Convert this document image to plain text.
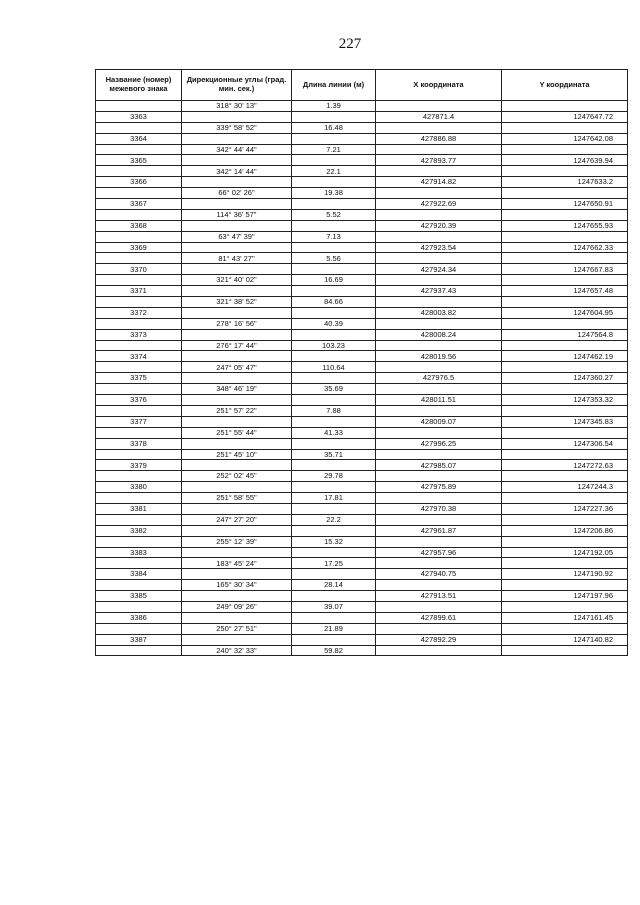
227
Название (номер) межевого знака	Дирекционные углы (град. мин. сек.)	Длина линии (м)	X координата	Y координата
	318° 30' 13"	1.39		
3363			427871.4	1247647.72
	339° 58' 52"	16.48		
3364			427886.88	1247642.08
	342° 44' 44"	7.21		
3365			427893.77	1247639.94
	342° 14' 44"	22.1		
3366			427914.82	1247633.2
	66° 02' 26"	19.38		
3367			427922.69	1247650.91
	114° 36' 57"	5.52		
3368			427920.39	1247655.93
	63° 47' 39"	7.13		
3369			427923.54	1247662.33
	81° 43' 27"	5.56		
3370			427924.34	1247667.83
	321° 40' 02"	16.69		
3371			427937.43	1247657.48
	321° 38' 52"	84.66		
3372			428003.82	1247604.95
	278° 16' 56"	40.39		
3373			428008.24	1247564.8
	276° 17' 44"	103.23		
3374			428019.56	1247462.19
	247° 05' 47"	110.64		
3375			427976.5	1247360.27
	348° 46' 19"	35.69		
3376			428011.51	1247353.32
	251° 57' 22"	7.88		
3377			428009.07	1247345.83
	251° 55' 44"	41.33		
3378			427996.25	1247306.54
	251° 45' 10"	35.71		
3379			427985.07	1247272.63
	252° 02' 45"	29.78		
3380			427975.89	1247244.3
	251° 58' 55"	17.81		
3381			427970.38	1247227.36
	247° 27' 20"	22.2		
3382			427961.87	1247206.86
	255° 12' 39"	15.32		
3383			427957.96	1247192.05
	183° 45' 24"	17.25		
3384			427940.75	1247190.92
	165° 30' 34"	28.14		
3385			427913.51	1247197.96
	249° 09' 26"	39.07		
3386			427899.61	1247161.45
	250° 27' 51"	21.89		
3387			427892.29	1247140.82
	240° 32' 33"	59.82		
